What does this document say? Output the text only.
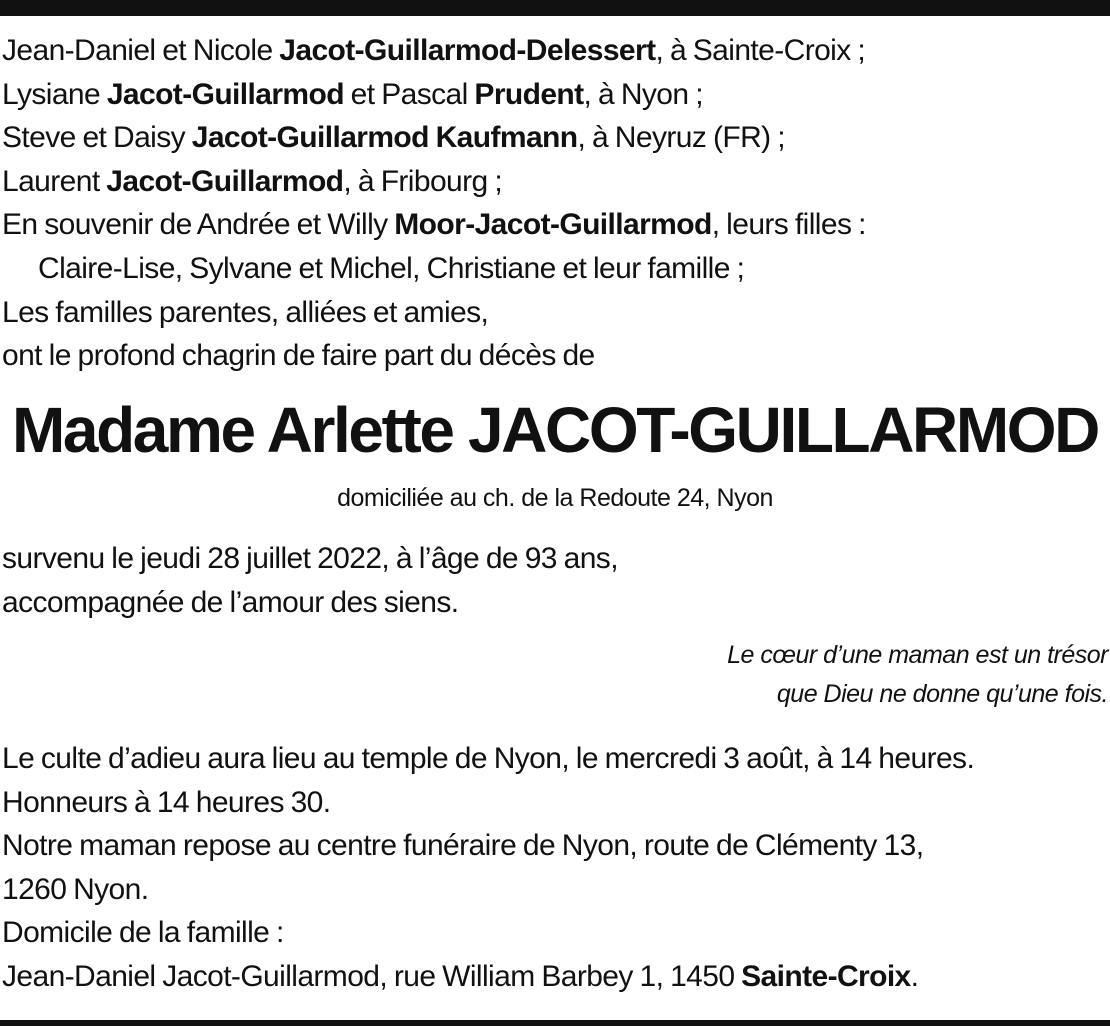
Jean-Daniel et Nicole Jacot-Guillarmod-Delessert, à Sainte-Croix ;
Lysiane Jacot-Guillarmod et Pascal Prudent, à Nyon ;
Steve et Daisy Jacot-Guillarmod Kaufmann, à Neyruz (FR) ;
Laurent Jacot-Guillarmod, à Fribourg ;
En souvenir de Andrée et Willy Moor-Jacot-Guillarmod, leurs filles :
Claire-Lise, Sylvane et Michel, Christiane et leur famille ;
Les familles parentes, alliées et amies,
ont le profond chagrin de faire part du décès de
Madame Arlette JACOT-GUILLARMOD
domiciliée au ch. de la Redoute 24, Nyon
survenu le jeudi 28 juillet 2022, à l’âge de 93 ans,
accompagnée de l’amour des siens.
Le cœur d’une maman est un trésor
que Dieu ne donne qu’une fois.
Le culte d’adieu aura lieu au temple de Nyon, le mercredi 3 août, à 14 heures.
Honneurs à 14 heures 30.
Notre maman repose au centre funéraire de Nyon, route de Clémenty 13,
1260 Nyon.
Domicile de la famille :
Jean-Daniel Jacot-Guillarmod, rue William Barbey 1, 1450 Sainte-Croix.
